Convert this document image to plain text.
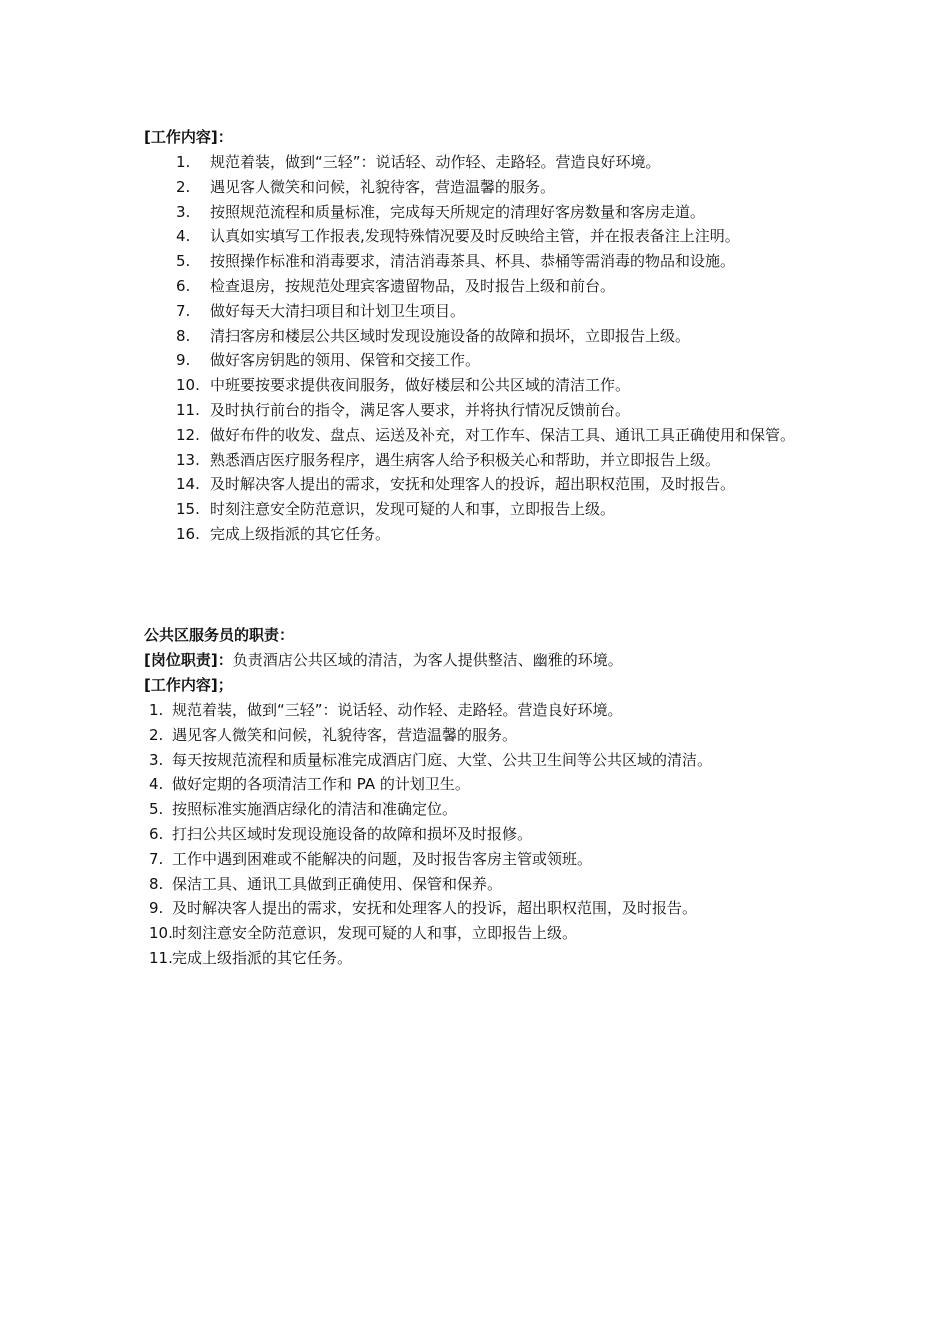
[工作内容]：
1.	规范着装，做到“三轻”：说话轻、动作轻、走路轻。营造良好环境。
2.	遇见客人微笑和问候，礼貌待客，营造温馨的服务。
3.	按照规范流程和质量标准，完成每天所规定的清理好客房数量和客房走道。
4.	认真如实填写工作报表,发现特殊情况要及时反映给主管，并在报表备注上注明。
5.	按照操作标准和消毒要求，清洁消毒茶具、杯具、恭桶等需消毒的物品和设施。
6.	检查退房，按规范处理宾客遗留物品，及时报告上级和前台。
7.	做好每天大清扫项目和计划卫生项目。
8.	清扫客房和楼层公共区域时发现设施设备的故障和损坏，立即报告上级。
9.	做好客房钥匙的领用、保管和交接工作。
10. 中班要按要求提供夜间服务，做好楼层和公共区域的清洁工作。
11. 及时执行前台的指令，满足客人要求，并将执行情况反馈前台。
12. 做好布件的收发、盘点、运送及补充，对工作车、保洁工具、通讯工具正确使用和保管。
13. 熟悉酒店医疗服务程序，遇生病客人给予积极关心和帮助，并立即报告上级。
14. 及时解决客人提出的需求，安抚和处理客人的投诉，超出职权范围，及时报告。
15. 时刻注意安全防范意识，发现可疑的人和事，立即报告上级。
16. 完成上级指派的其它任务。
公共区服务员的职责：
[岗位职责]：负责酒店公共区域的清洁，为客人提供整洁、幽雅的环境。
[工作内容]；
1. 规范着装，做到“三轻”：说话轻、动作轻、走路轻。营造良好环境。
2. 遇见客人微笑和问候，礼貌待客，营造温馨的服务。
3. 每天按规范流程和质量标准完成酒店门庭、大堂、公共卫生间等公共区域的清洁。
4. 做好定期的各项清洁工作和 PA 的计划卫生。
5. 按照标准实施酒店绿化的清洁和准确定位。
6. 打扫公共区域时发现设施设备的故障和损坏及时报修。
7. 工作中遇到困难或不能解决的问题，及时报告客房主管或领班。
8. 保洁工具、通讯工具做到正确使用、保管和保养。
9. 及时解决客人提出的需求，安抚和处理客人的投诉，超出职权范围，及时报告。
10. 时刻注意安全防范意识，发现可疑的人和事，立即报告上级。
11. 完成上级指派的其它任务。
